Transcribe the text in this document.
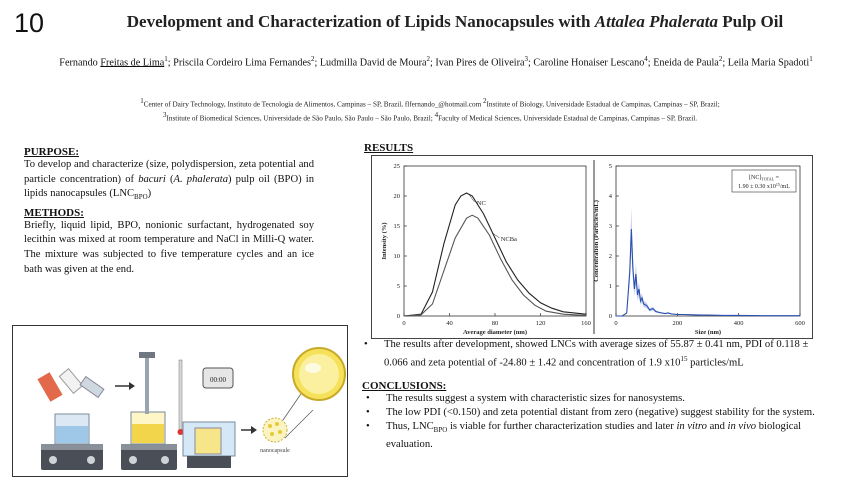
10	Development and Characterization of Lipids Nanocapsules with Attalea Phalerata Pulp Oil
Fernando Freitas de Lima$^1$; Priscila Cordeiro Lima Fernandes$^2$; Ludmilla David de Moura$^2$; Ivan Pires de Oliveira$^3$; Caroline Honaiser Lescano$^4$; Eneida de Paula$^2$; Leila Maria Spadoti$^1$
$^1$Center of Dairy Technology, Instituto de Tecnologia de Alimentos, Campinas – SP, Brazil, flfernando_@hotmail.com $^2$Institute of Biology, Universidade Estadual de Campinas, Campinas – SP, Brazil;
$^3$Institute of Biomedical Sciences, Universidade de São Paulo, São Paulo – São Paulo, Brazil; $^4$Faculty of Medical Sciences, Universidade Estadual de Campinas, Campinas – SP, Brazil.
PURPOSE:
To develop and characterize (size, polydispersion, zeta potential and particle concentration) of bacuri (A. phalerata) pulp oil (BPO) in lipids nanocapsules $(LNC_{BPO})$
METHODS:
Briefly, liquid lipid, BPO, nonionic surfactant, hydrogenated soy lecithin was mixed at room temperature and NaCl in Milli-Q water. The mixture was subjected to five temperature cycles and an ice bath was given at the end.
00:00
nanocapsule
RESULTS
0	40	80	120	160
0
5
10
15
20
25
Average diameter (nm)
Intensity (%)
NC
NCBa
0	200	400	600
0
1
2
3
4
5
Size (nm)
Concentration (Particles/mL)
$[NC]_{TOTAL}$ =
1.90 ± 0.30 $x10^{15}/mL$
•	The results after development, showed LNCs with average sizes of 55.87 ± 0.41 nm, PDI of 0.118 ± 0.066 and zeta potential of -24.80 ± 1.42 and concentration of 1.9 $x10^{15}$ particles/mL
CONCLUSIONS:
•	The results suggest a system with characteristic sizes for nanosystems.
•	The low PDI (<0.150) and zeta potential distant from zero (negative) suggest stability for the system.
•	Thus, $LNC_{BPO}$ is viable for further characterization studies and later in vitro and in vivo biological evaluation.
